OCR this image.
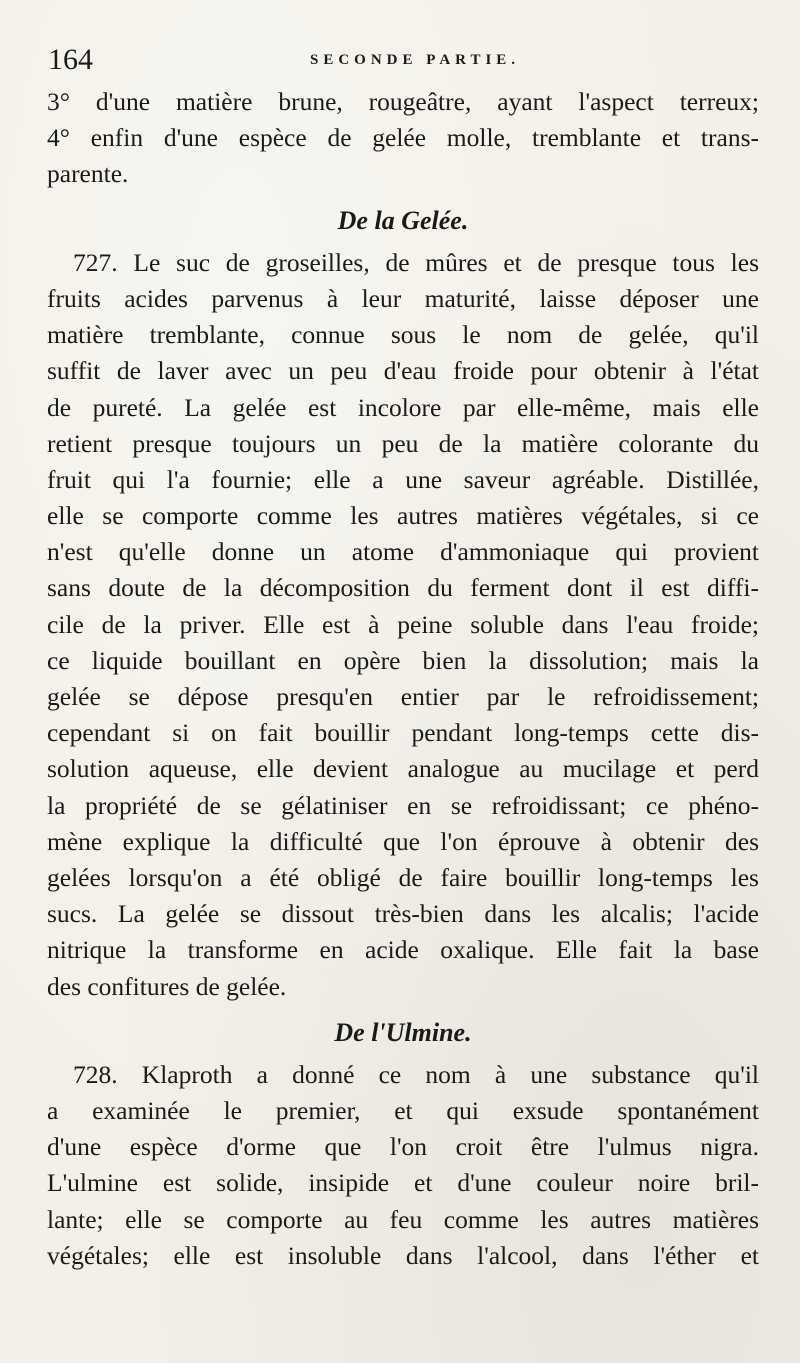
164	SECONDE PARTIE.
3° d'une matière brune, rougeâtre, ayant l'aspect terreux;
4° enfin d'une espèce de gelée molle, tremblante et trans-
parente.
De la Gelée.
727. Le suc de groseilles, de mûres et de presque tous les
fruits acides parvenus à leur maturité, laisse déposer une
matière tremblante, connue sous le nom de gelée, qu'il
suffit de laver avec un peu d'eau froide pour obtenir à l'état
de pureté. La gelée est incolore par elle-même, mais elle
retient presque toujours un peu de la matière colorante du
fruit qui l'a fournie; elle a une saveur agréable. Distillée,
elle se comporte comme les autres matières végétales, si ce
n'est qu'elle donne un atome d'ammoniaque qui provient
sans doute de la décomposition du ferment dont il est diffi-
cile de la priver. Elle est à peine soluble dans l'eau froide;
ce liquide bouillant en opère bien la dissolution; mais la
gelée se dépose presqu'en entier par le refroidissement;
cependant si on fait bouillir pendant long-temps cette dis-
solution aqueuse, elle devient analogue au mucilage et perd
la propriété de se gélatiniser en se refroidissant; ce phéno-
mène explique la difficulté que l'on éprouve à obtenir des
gelées lorsqu'on a été obligé de faire bouillir long-temps les
sucs. La gelée se dissout très-bien dans les alcalis; l'acide
nitrique la transforme en acide oxalique. Elle fait la base
des confitures de gelée.
De l'Ulmine.
728. Klaproth a donné ce nom à une substance qu'il
a examinée le premier, et qui exsude spontanément
d'une espèce d'orme que l'on croit être l'ulmus nigra.
L'ulmine est solide, insipide et d'une couleur noire bril-
lante; elle se comporte au feu comme les autres matières
végétales; elle est insoluble dans l'alcool, dans l'éther et
